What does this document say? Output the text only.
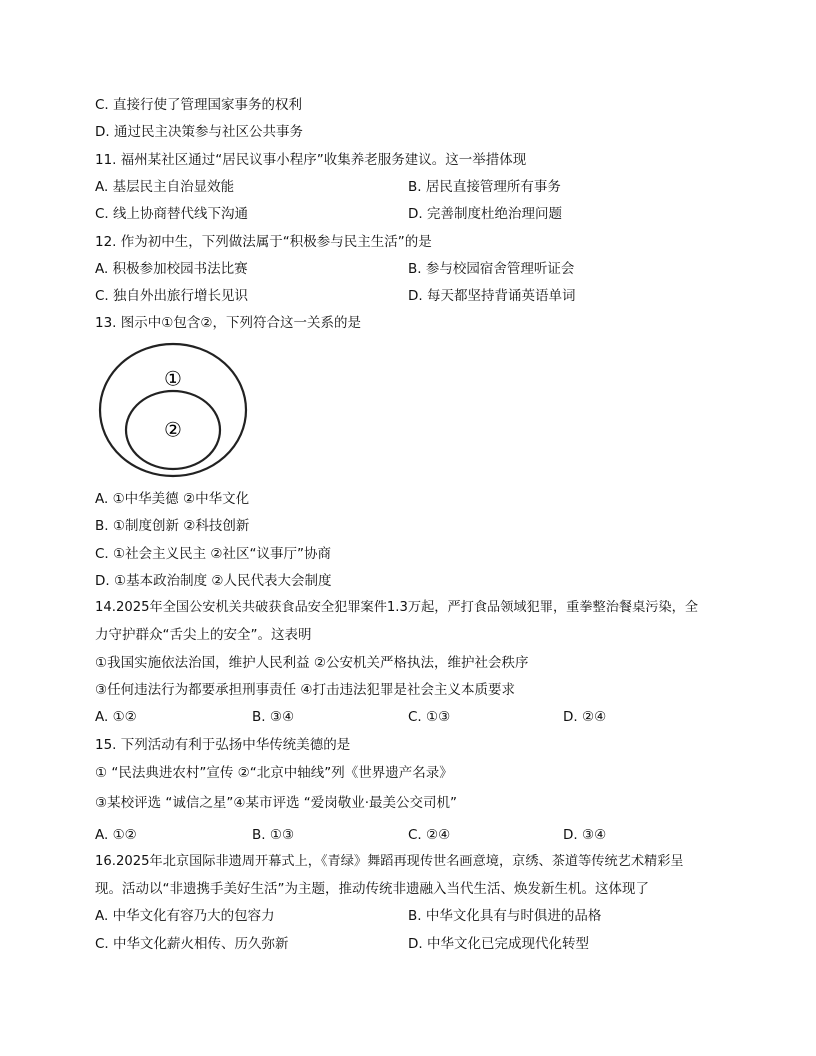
C. 直接行使了管理国家事务的权利
D. 通过民主决策参与社区公共事务
11. 福州某社区通过“居民议事小程序”收集养老服务建议。这一举措体现
A. 基层民主自治显效能	B. 居民直接管理所有事务
C. 线上协商替代线下沟通	D. 完善制度杜绝治理问题
12. 作为初中生，下列做法属于“积极参与民主生活”的是
A. 积极参加校园书法比赛	B. 参与校园宿舍管理听证会
C. 独自外出旅行增长见识	D. 每天都坚持背诵英语单词
13. 图示中①包含②，下列符合这一关系的是
①
②
A. ①中华美德 ②中华文化
B. ①制度创新 ②科技创新
C. ①社会主义民主 ②社区“议事厅”协商
D. ①基本政治制度 ②人民代表大会制度
14.2025年全国公安机关共破获食品安全犯罪案件1.3万起，严打食品领域犯罪，重拳整治餐桌污染，全
力守护群众“舌尖上的安全”。这表明
①我国实施依法治国，维护人民利益 ②公安机关严格执法，维护社会秩序
③任何违法行为都要承担刑事责任 ④打击违法犯罪是社会主义本质要求
A. ①②	B. ③④	C. ①③	D. ②④
15. 下列活动有利于弘扬中华传统美德的是
① “民法典进农村”宣传 ②“北京中轴线”列《世界遗产名录》
③某校评选 “诚信之星”④某市评选 “爱岗敬业·最美公交司机”
A. ①②	B. ①③	C. ②④	D. ③④
16.2025年北京国际非遗周开幕式上，《青绿》舞蹈再现传世名画意境，京绣、茶道等传统艺术精彩呈
现。活动以“非遗携手美好生活”为主题，推动传统非遗融入当代生活、焕发新生机。这体现了
A. 中华文化有容乃大的包容力	B. 中华文化具有与时俱进的品格
C. 中华文化薪火相传、历久弥新	D. 中华文化已完成现代化转型
